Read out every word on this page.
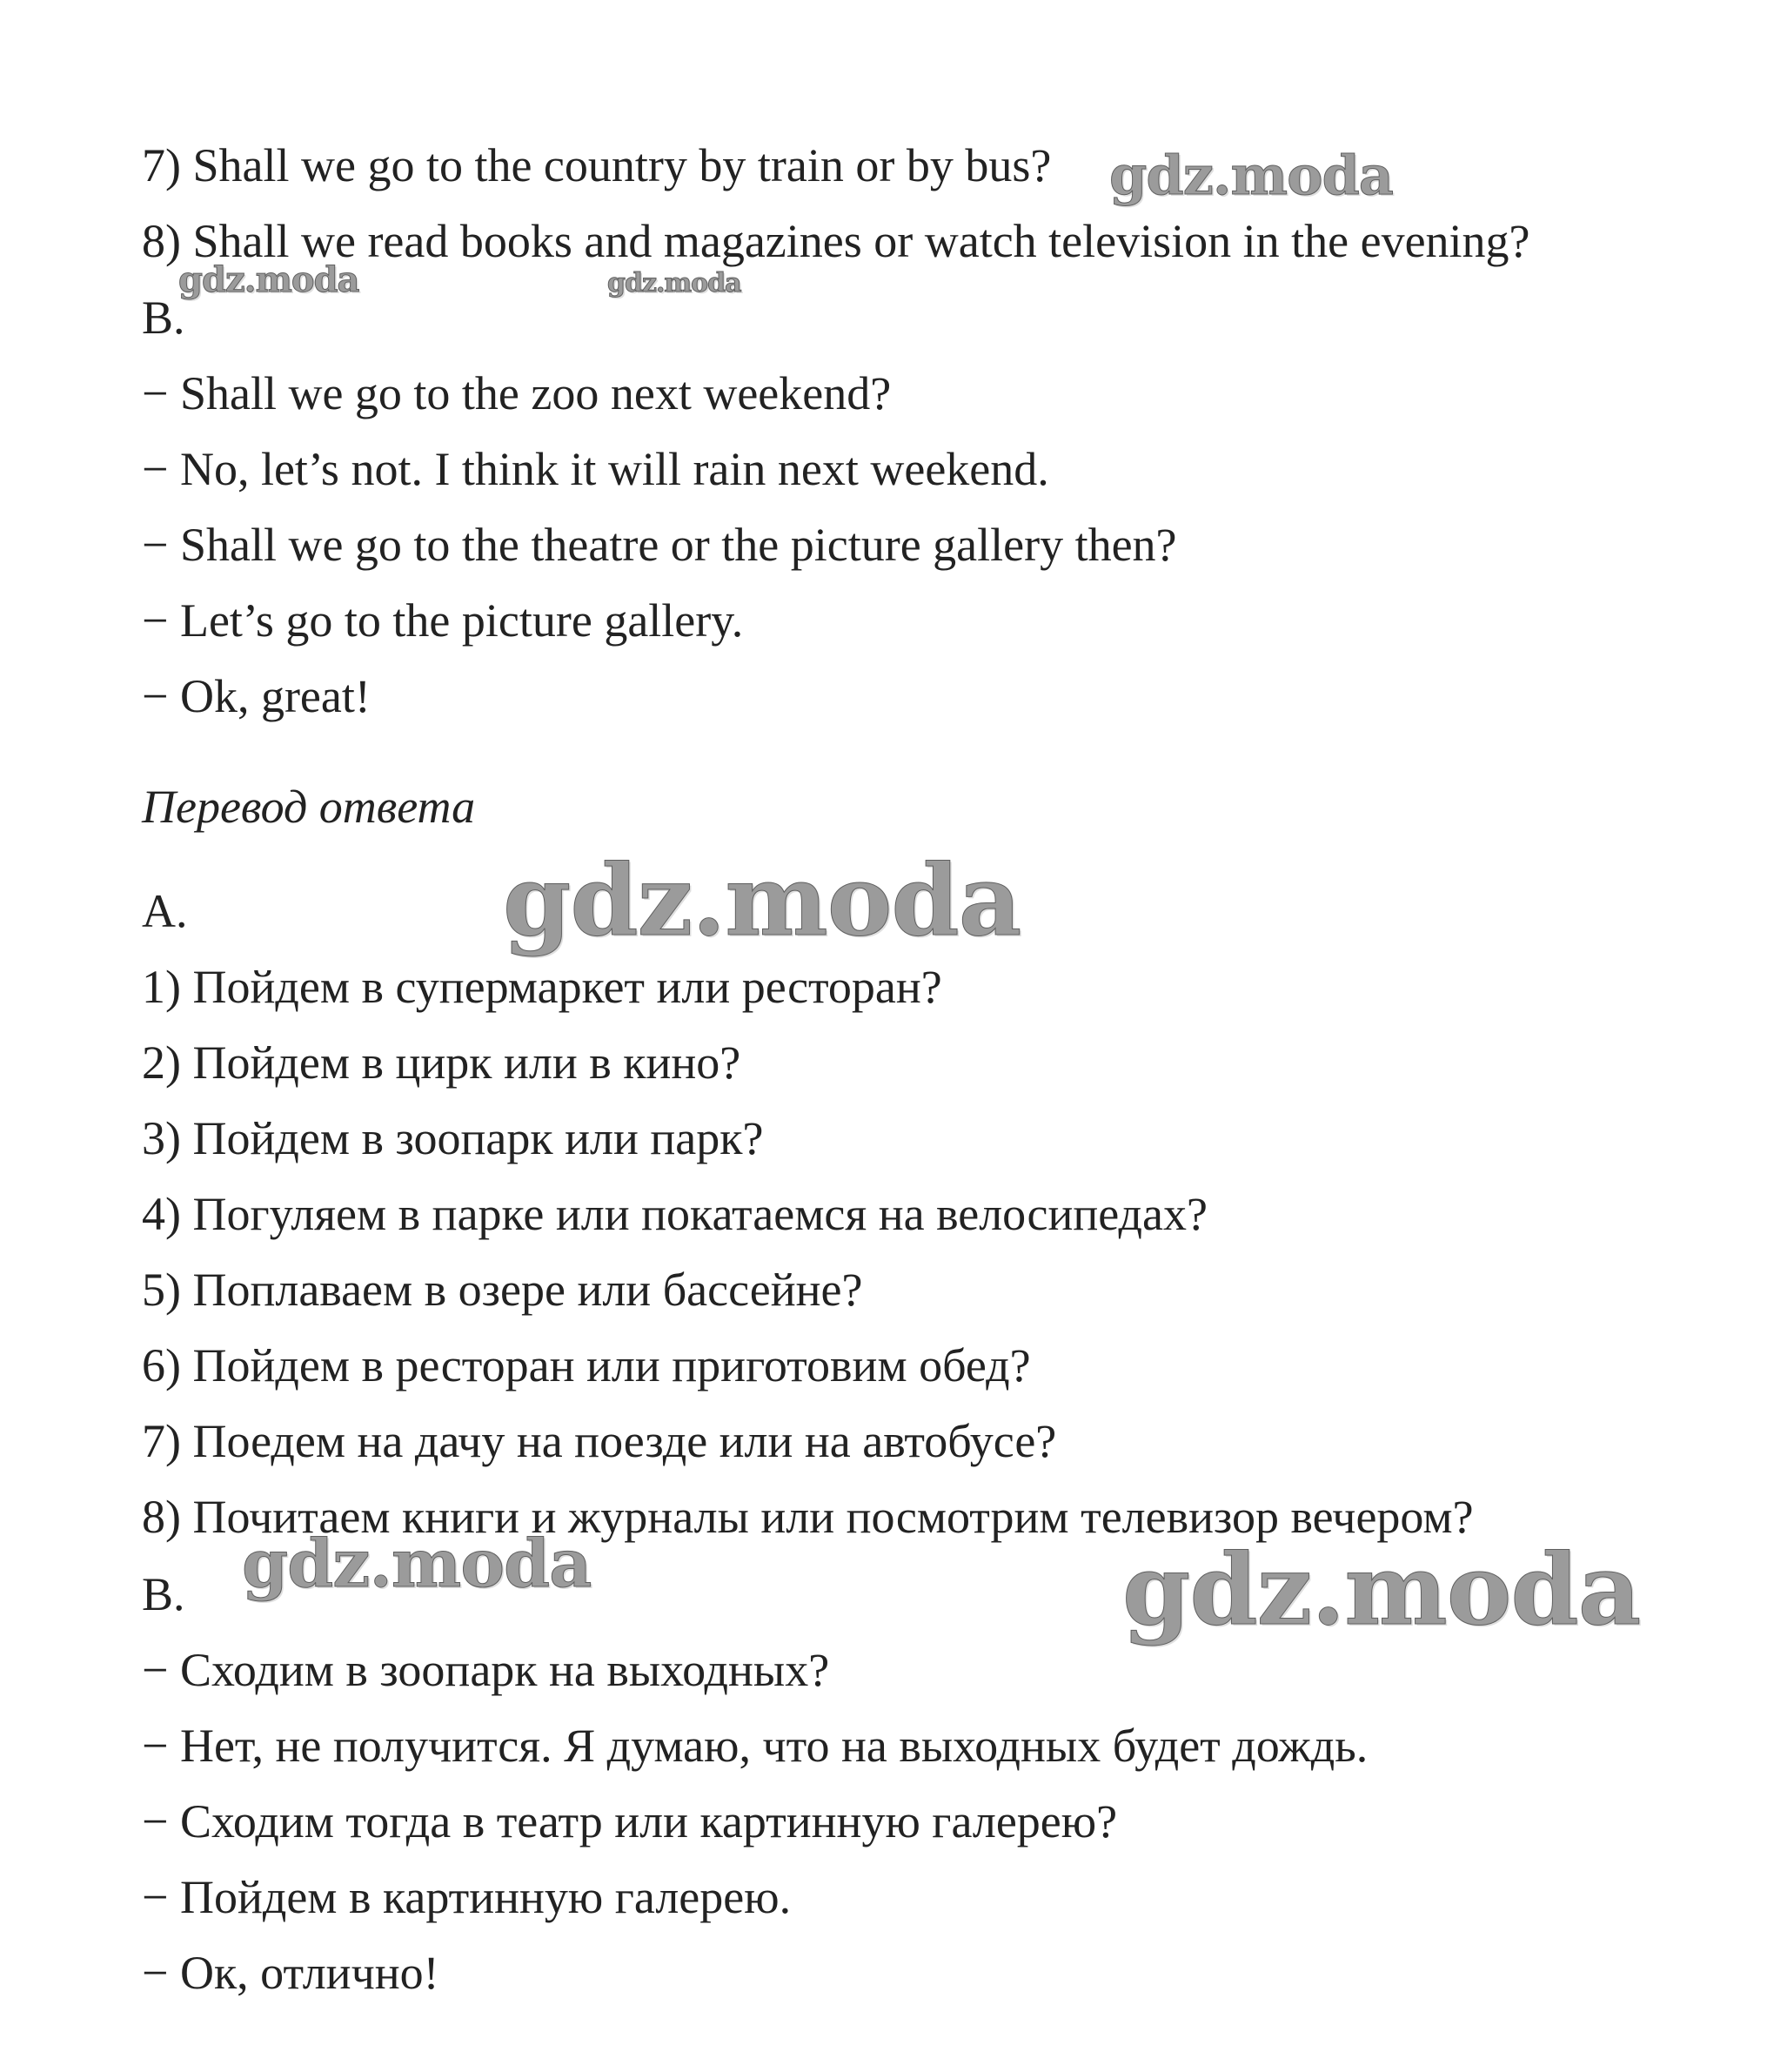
7) Shall we go to the country by train or by bus?
8) Shall we read books and magazines or watch television in the evening?
B.
− Shall we go to the zoo next weekend?
− No, let’s not. I think it will rain next weekend.
− Shall we go to the theatre or the picture gallery then?
− Let’s go to the picture gallery.
− Ok, great!
Перевод ответа
A.
1) Пойдем в супермаркет или ресторан?
2) Пойдем в цирк или в кино?
3) Пойдем в зоопарк или парк?
4) Погуляем в парке или покатаемся на велосипедах?
5) Поплаваем в озере или бассейне?
6) Пойдем в ресторан или приготовим обед?
7) Поедем на дачу на поезде или на автобусе?
8) Почитаем книги и журналы или посмотрим телевизор вечером?
B.
− Сходим в зоопарк на выходных?
− Нет, не получится. Я думаю, что на выходных будет дождь.
− Сходим тогда в театр или картинную галерею?
− Пойдем в картинную галерею.
− Ок, отлично!
gdz.moda
gdz.moda	gdz.moda
gdz.moda
gdz.moda	gdz.moda
